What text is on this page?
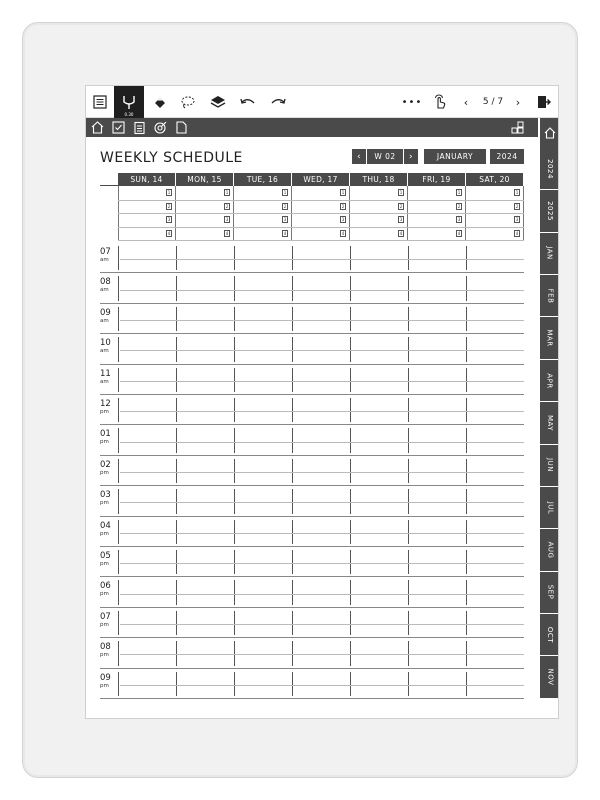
0.30
•••	‹	5 / 7	›
2024
2025
JAN
FEB
MAR
APR
MAY
JUN
JUL
AUG
SEP
OCT
NOV
WEEKLY SCHEDULE	‹	W 02	›	JANUARY	2024
SUN, 14	MON, 15	TUE, 16	WED, 17	THU, 18	FRI, 19	SAT, 20
1	1	1	1	1	1	1
2	2	2	2	2	2	2
3	3	3	3	3	3	3
4	4	4	4	4	4	4
07
am
08
am
09
am
10
am
11
am
12
pm
01
pm
02
pm
03
pm
04
pm
05
pm
06
pm
07
pm
08
pm
09
pm
